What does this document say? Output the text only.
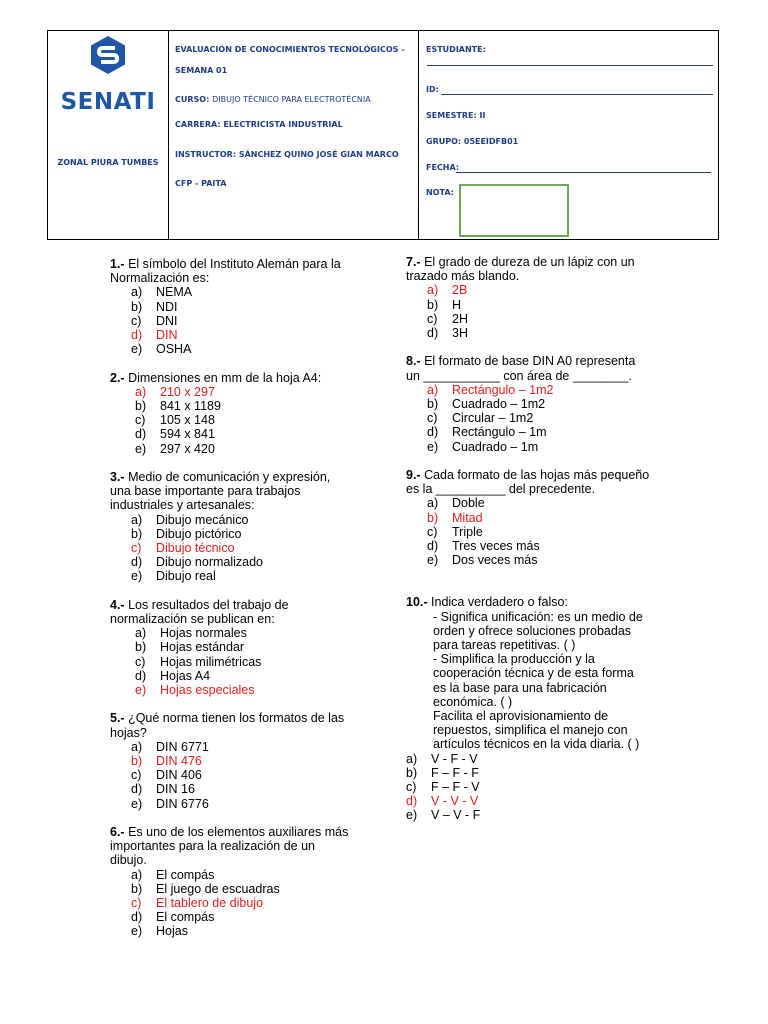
SENATI
ZONAL PIURA TUMBES
EVALUACIÓN DE CONOCIMIENTOS TECNOLÓGICOS –
SEMANA 01
CURSO: DIBUJO TÉCNICO PARA ELECTROTÉCNIA
CARRERA: ELECTRICISTA INDUSTRIAL
INSTRUCTOR: SÁNCHEZ QUINO JOSÉ GIAN MARCO
CFP - PAITA
ESTUDIANTE:
ID:
SEMESTRE: II
GRUPO: 05EEIDFB01
FECHA:
NOTA:
1.- El símbolo del Instituto Alemán para la
Normalización es:
a)	NEMA
b)	NDI
c)	DNI
d)	DIN
e)	OSHA
2.- Dimensiones en mm de la hoja A4:
a)	210 x 297
b)	841 x 1189
c)	105 x 148
d)	594 x 841
e)	297 x 420
3.- Medio de comunicación y expresión,
una base importante para trabajos
industriales y artesanales:
a)	Dibujo mecánico
b)	Dibujo pictórico
c)	Dibujo técnico
d)	Dibujo normalizado
e)	Dibujo real
4.- Los resultados del trabajo de
normalización se publican en:
a)	Hojas normales
b)	Hojas estándar
c)	Hojas milimétricas
d)	Hojas A4
e)	Hojas especiales
5.- ¿Qué norma tienen los formatos de las
hojas?
a)	DIN 6771
b)	DIN 476
c)	DIN 406
d)	DIN 16
e)	DIN 6776
6.- Es uno de los elementos auxiliares más
importantes para la realización de un
dibujo.
a)	El compás
b)	El juego de escuadras
c)	El tablero de dibujo
d)	El compás
e)	Hojas
7.- El grado de dureza de un lápiz con un
trazado más blando.
a)	2B
b)	H
c)	2H
d)	3H
8.- El formato de base DIN A0 representa
un ___________ con área de ________.
a)	Rectángulo – 1m2
b)	Cuadrado – 1m2
c)	Circular – 1m2
d)	Rectángulo – 1m
e)	Cuadrado – 1m
9.- Cada formato de las hojas más pequeño
es la __________ del precedente.
a)	Doble
b)	Mitad
c)	Triple
d)	Tres veces más
e)	Dos veces más
10.- Indica verdadero o falso:
- Significa unificación: es un medio de
orden y ofrece soluciones probadas
para tareas repetitivas. ( )
- Simplifica la producción y la
cooperación técnica y de esta forma
es la base para una fabricación
económica. ( )
Facilita el aprovisionamiento de
repuestos, simplifica el manejo con
artículos técnicos en la vida diaria. ( )
a)	V - F - V
b)	F – F - F
c)	F – F - V
d)	V - V - V
e)	V – V - F
